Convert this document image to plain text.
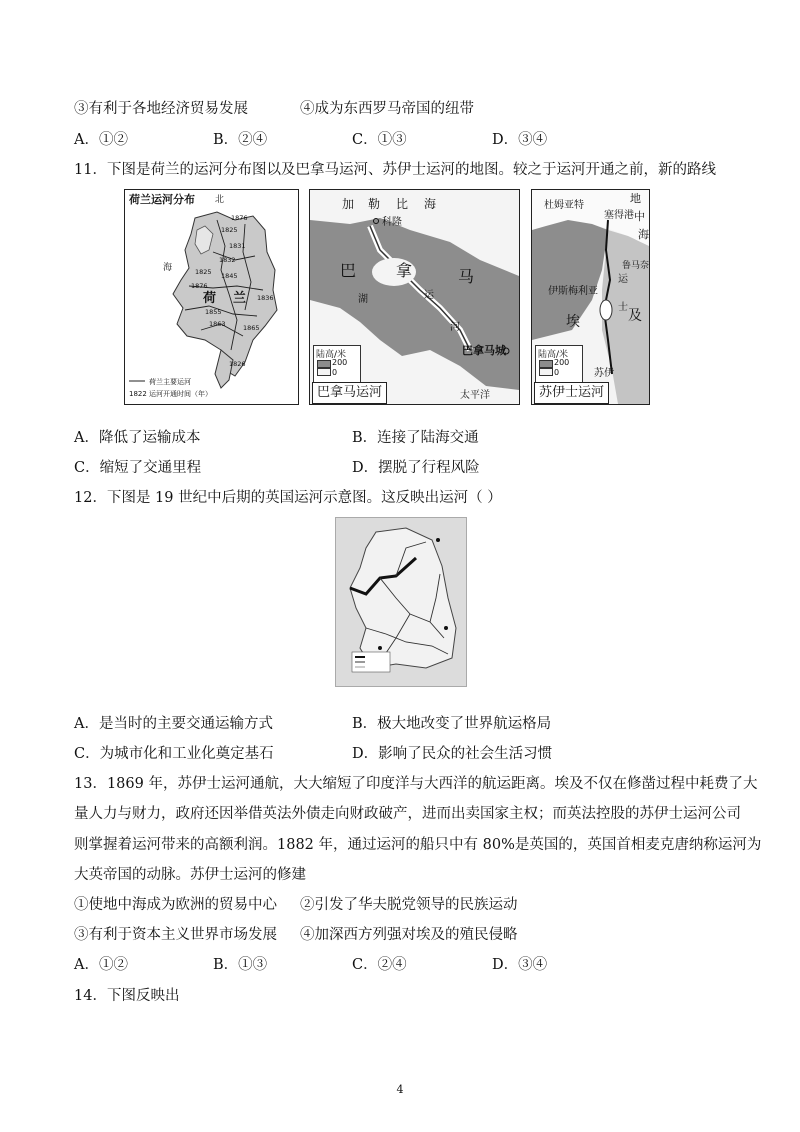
③有利于各地经济贸易发展	④成为东西罗马帝国的纽带
A．①②	B．②④	C．①③	D．③④
11．下图是荷兰的运河分布图以及巴拿马运河、苏伊士运河的地图。较之于运河开通之前，新的路线
荷兰运河分布 北
海
荷 兰
1876
1825
1831
1832
1825 1845
1876
1855
1836
1863	1865
1826
荷兰主要运河
1822 运河开通时间（年）
加 勒 比 海
科隆
巴 拿	马
湖	运
河
巴拿马城
太平洋
陆高/米
200
0
巴拿马运河
地
中
海
杜姆亚特
塞得港
鲁马奈
伊斯梅利亚
埃	及
运
士
苏伊
陆高/米
200
0
苏伊士运河
A．降低了运输成本	B．连接了陆海交通
C．缩短了交通里程	D．摆脱了行程风险
12．下图是 19 世纪中后期的英国运河示意图。这反映出运河（ ）
A．是当时的主要交通运输方式	B．极大地改变了世界航运格局
C．为城市化和工业化奠定基石	D．影响了民众的社会生活习惯
13．1869 年，苏伊士运河通航，大大缩短了印度洋与大西洋的航运距离。埃及不仅在修凿过程中耗费了大
量人力与财力，政府还因举借英法外债走向财政破产，进而出卖国家主权；而英法控股的苏伊士运河公司
则掌握着运河带来的高额利润。1882 年，通过运河的船只中有 80%是英国的，英国首相麦克唐纳称运河为
大英帝国的动脉。苏伊士运河的修建
①使地中海成为欧洲的贸易中心 ②引发了华夫脱党领导的民族运动
③有利于资本主义世界市场发展 ④加深西方列强对埃及的殖民侵略
A．①②	B．①③	C．②④	D．③④
14．下图反映出
4
